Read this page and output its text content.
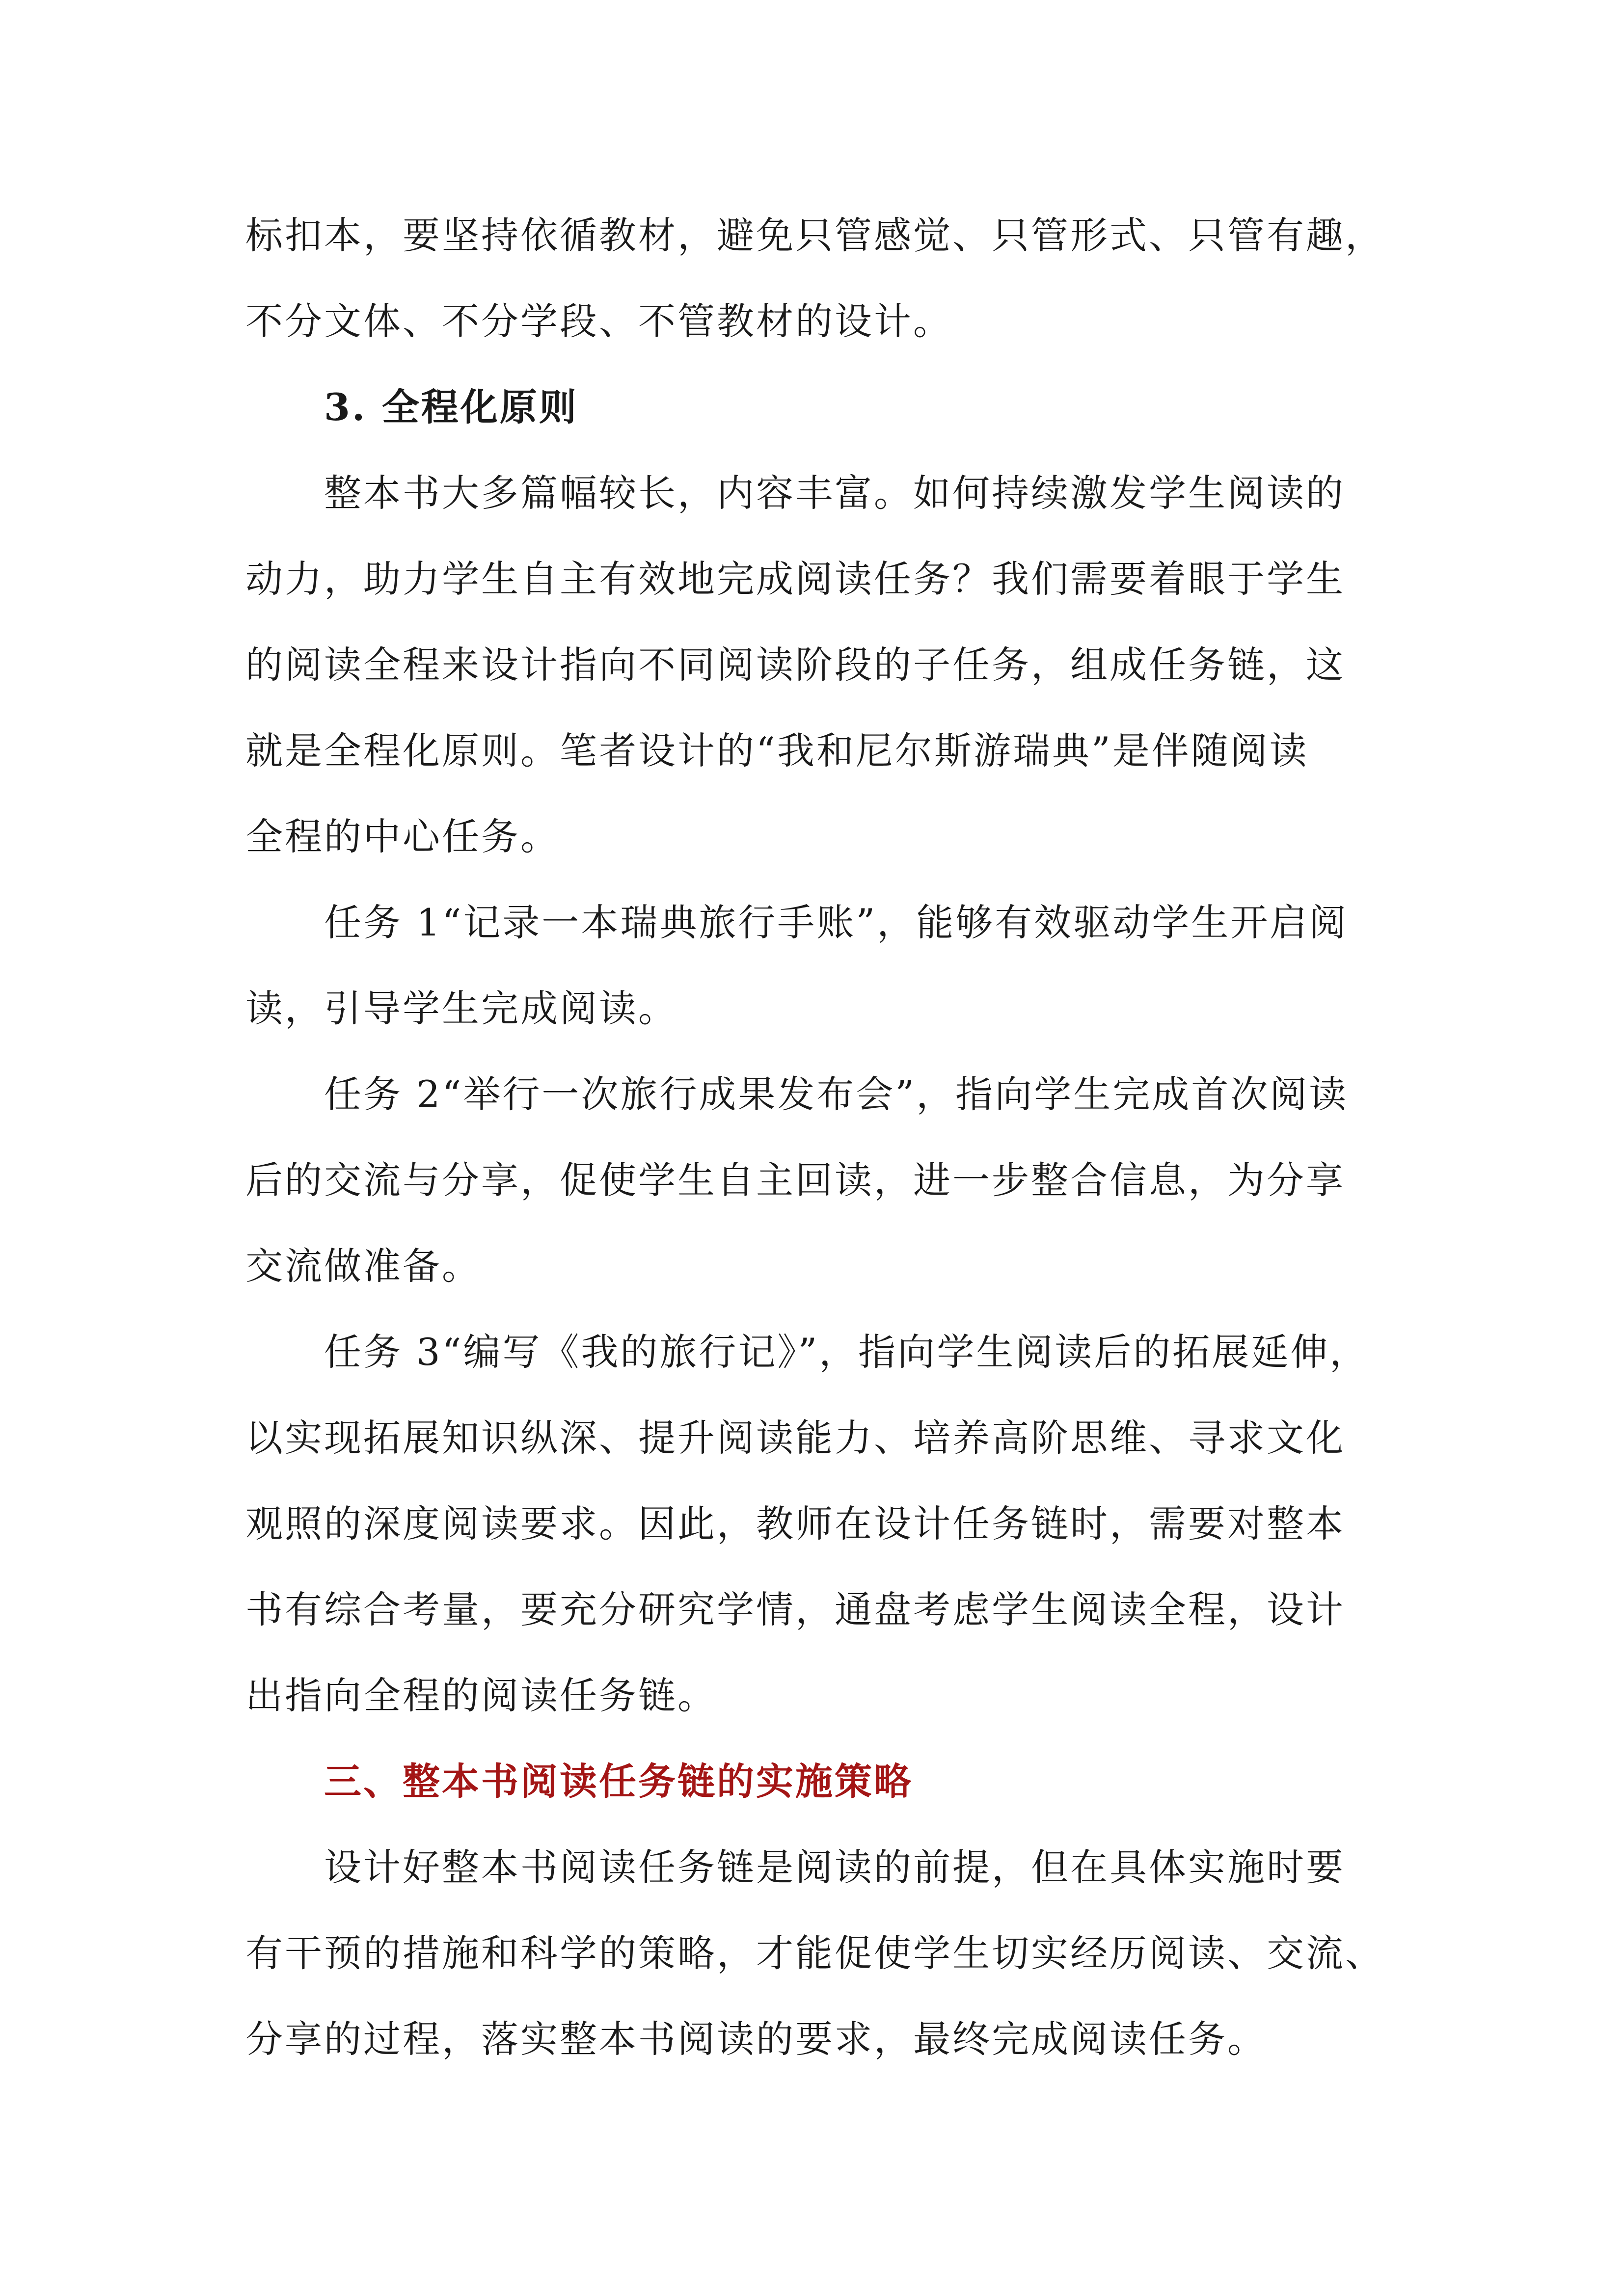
标扣本，要坚持依循教材，避免只管感觉、只管形式、只管有趣，
不分文体、不分学段、不管教材的设计。
3. 全程化原则
整本书大多篇幅较长，内容丰富。如何持续激发学生阅读的
动力，助力学生自主有效地完成阅读任务？我们需要着眼于学生
的阅读全程来设计指向不同阅读阶段的子任务，组成任务链，这
就是全程化原则。笔者设计的“我和尼尔斯游瑞典”是伴随阅读
全程的中心任务。
任务 1“记录一本瑞典旅行手账”，能够有效驱动学生开启阅
读，引导学生完成阅读。
任务 2“举行一次旅行成果发布会”，指向学生完成首次阅读
后的交流与分享，促使学生自主回读，进一步整合信息，为分享
交流做准备。
任务 3“编写《我的旅行记》”，指向学生阅读后的拓展延伸，
以实现拓展知识纵深、提升阅读能力、培养高阶思维、寻求文化
观照的深度阅读要求。因此，教师在设计任务链时，需要对整本
书有综合考量，要充分研究学情，通盘考虑学生阅读全程，设计
出指向全程的阅读任务链。
三、整本书阅读任务链的实施策略
设计好整本书阅读任务链是阅读的前提，但在具体实施时要
有干预的措施和科学的策略，才能促使学生切实经历阅读、交流、
分享的过程，落实整本书阅读的要求，最终完成阅读任务。
